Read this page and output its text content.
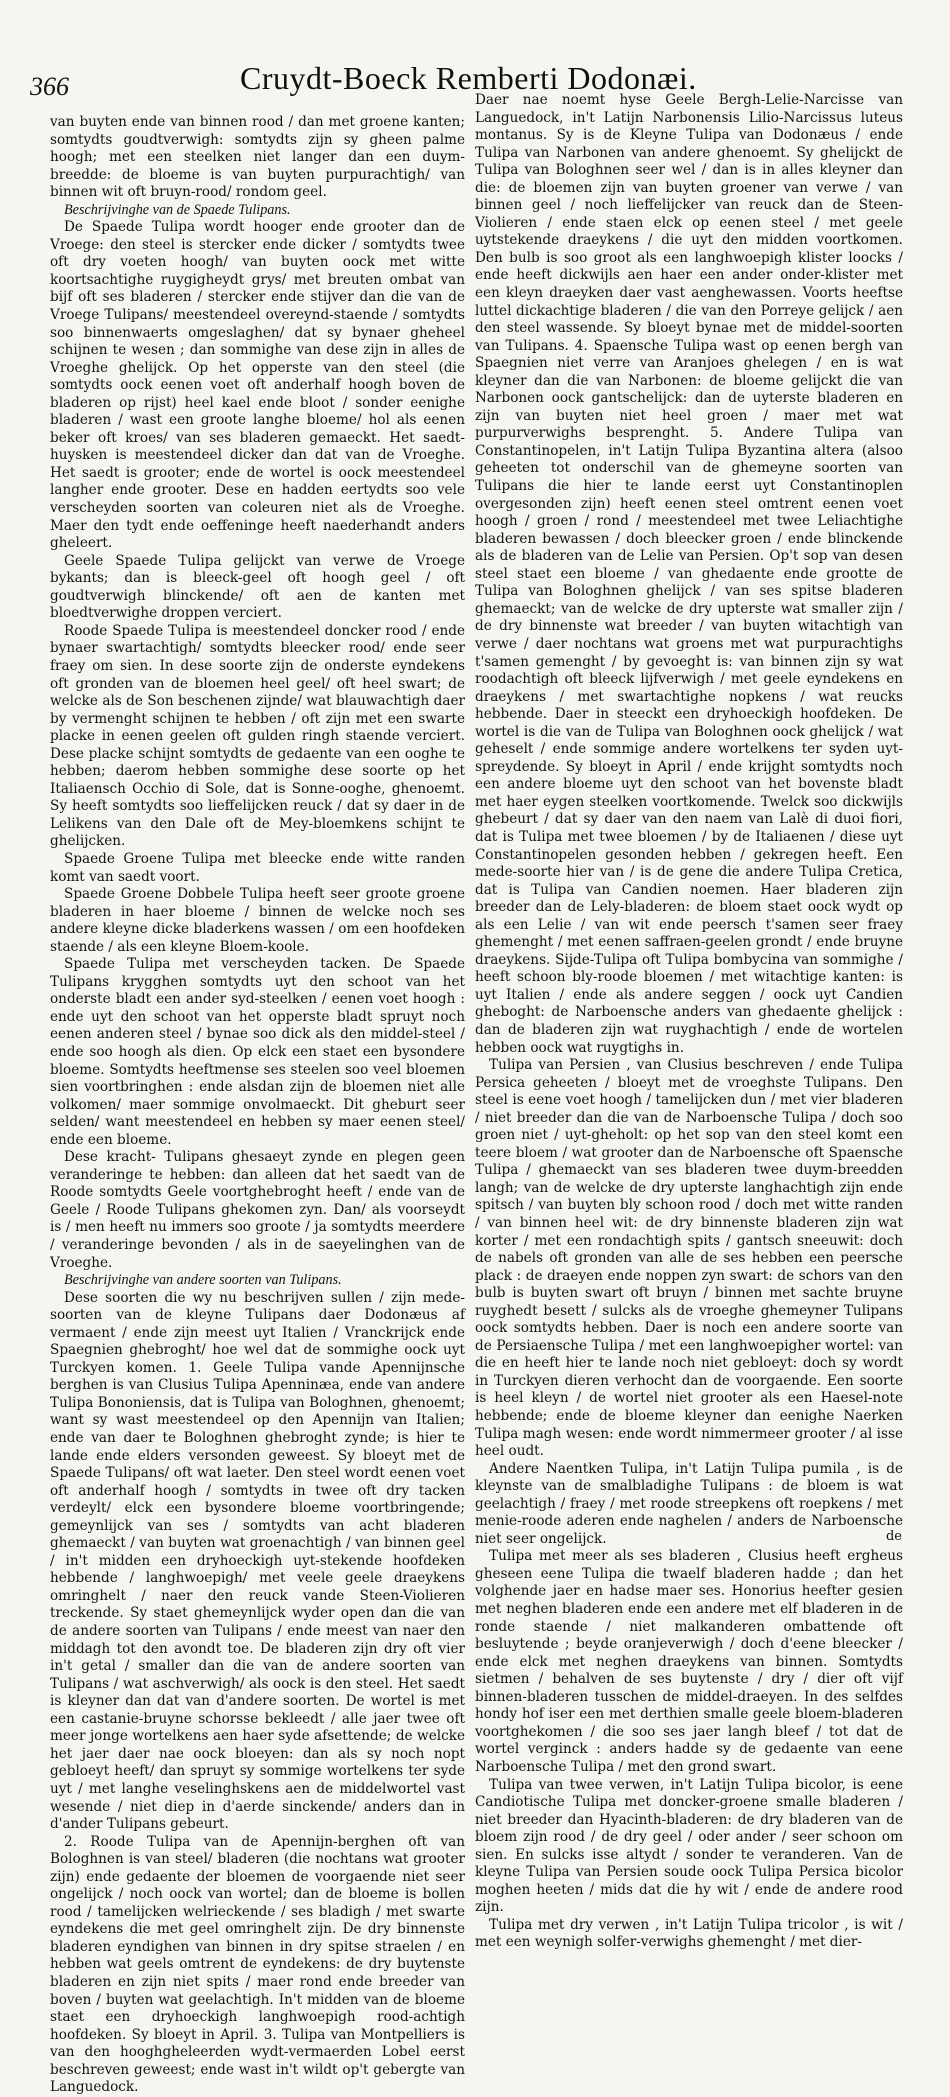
366	Cruydt-Boeck Remberti Dodonæi.

van buyten ende van binnen rood / dan met groene kanten; somtydts goudtverwigh: somtydts zijn sy gheen palme hoogh; met een steelken niet langer dan een duym-breedde: de bloeme is van buyten purpurachtigh/ van binnen wit oft bruyn-rood/ rondom geel.

Beschrijvinghe van de Spaede Tulipans.

De Spaede Tulipa wordt hooger ende grooter dan de Vroege: den steel is stercker ende dicker / somtydts twee oft dry voeten hoogh/ van buyten oock met witte koortsachtighe ruygigheydt grys/ met breuten ombat van bijf oft ses bladeren / stercker ende stijver dan die van de Vroege Tulipans/ meestendeel overeynd-staende / somtydts soo binnenwaerts omgeslaghen/ dat sy bynaer gheheel schijnen te wesen ; dan sommighe van dese zijn in alles de Vroeghe ghelijck. Op het opperste van den steel (die somtydts oock eenen voet oft anderhalf hoogh boven de bladeren op rijst) heel kael ende bloot / sonder eenighe bladeren / wast een groote langhe bloeme/ hol als eenen beker oft kroes/ van ses bladeren gemaeckt. Het saedt-huysken is meestendeel dicker dan dat van de Vroeghe. Het saedt is grooter; ende de wortel is oock meestendeel langher ende grooter. Dese en hadden eertydts soo vele verscheyden soorten van coleuren niet als de Vroeghe. Maer den tydt ende oeffeninge heeft naederhandt anders gheleert.

Geele Spaede Tulipa gelijckt van verwe de Vroege bykants; dan is bleeck-geel oft hoogh geel / oft goudtverwigh blinckende/ oft aen de kanten met bloedtverwighe droppen verciert.

Roode Spaede Tulipa is meestendeel doncker rood / ende bynaer swartachtigh/ somtydts bleecker rood/ ende seer fraey om sien. In dese soorte zijn de onderste eyndekens oft gronden van de bloemen heel geel/ oft heel swart; de welcke als de Son beschenen zijnde/ wat blauwachtigh daer by vermenght schijnen te hebben / oft zijn met een swarte placke in eenen geelen oft gulden ringh staende verciert. Dese placke schijnt somtydts de gedaente van een ooghe te hebben; daerom hebben sommighe dese soorte op het Italiaensch Occhio di Sole, dat is Sonne-ooghe, ghenoemt. Sy heeft somtydts soo lieffelijcken reuck / dat sy daer in de Lelikens van den Dale oft de Mey-bloemkens schijnt te ghelijcken.

Spaede Groene Tulipa met bleecke ende witte randen komt van saedt voort.

Spaede Groene Dobbele Tulipa heeft seer groote groene bladeren in haer bloeme / binnen de welcke noch ses andere kleyne dicke bladerkens wassen / om een hoofdeken staende / als een kleyne Bloem-koole.

Spaede Tulipa met verscheyden tacken. De Spaede Tulipans krygghen somtydts uyt den schoot van het onderste bladt een ander syd-steelken / eenen voet hoogh : ende uyt den schoot van het opperste bladt spruyt noch eenen anderen steel / bynae soo dick als den middel-steel / ende soo hoogh als dien. Op elck een staet een bysondere bloeme. Somtydts heeftmense ses steelen soo veel bloemen sien voortbringhen : ende alsdan zijn de bloemen niet alle volkomen/ maer sommige onvolmaeckt. Dit gheburt seer selden/ want meestendeel en hebben sy maer eenen steel/ ende een bloeme.

Dese kracht- Tulipans ghesaeyt zynde en plegen geen veranderinge te hebben: dan alleen dat het saedt van de Roode somtydts Geele voortghebroght heeft / ende van de Geele / Roode Tulipans ghekomen zyn. Dan/ als voorseydt is / men heeft nu immers soo groote / ja somtydts meerdere / veranderinge bevonden / als in de saeyelinghen van de Vroeghe.

Beschrijvinghe van andere soorten van Tulipans.

Dese soorten die wy nu beschrijven sullen / zijn mede-soorten van de kleyne Tulipans daer Dodonæus af vermaent / ende zijn meest uyt Italien / Vranckrijck ende Spaegnien ghebroght/ hoe wel dat de sommighe oock uyt Turckyen komen. 1. Geele Tulipa vande Apennijnsche berghen is van Clusius Tulipa Apenninæa, ende van andere Tulipa Bononiensis, dat is Tulipa van Bologhnen, ghenoemt; want sy wast meestendeel op den Apennijn van Italien; ende van daer te Bologhnen ghebroght zynde; is hier te lande ende elders versonden geweest. Sy bloeyt met de Spaede Tulipans/ oft wat laeter. Den steel wordt eenen voet oft anderhalf hoogh / somtydts in twee oft dry tacken verdeylt/ elck een bysondere bloeme voortbringende; gemeynlijck van ses / somtydts van acht bladeren ghemaeckt / van buyten wat groenachtigh / van binnen geel / in't midden een dryhoeckigh uyt-stekende hoofdeken hebbende / langhwoepigh/ met veele geele draeykens omringhelt / naer den reuck vande Steen-Violieren treckende. Sy staet ghemeynlijck wyder open dan die van de andere soorten van Tulipans / ende meest van naer den middagh tot den avondt toe. De bladeren zijn dry oft vier in't getal / smaller dan die van de andere soorten van Tulipans / wat aschverwigh/ als oock is den steel. Het saedt is kleyner dan dat van d'andere soorten. De wortel is met een castanie-bruyne schorsse bekleedt / alle jaer twee oft meer jonge wortelkens aen haer syde afsettende; de welcke het jaer daer nae oock bloeyen: dan als sy noch nopt gebloeyt heeft/ dan spruyt sy sommige wortelkens ter syde uyt / met langhe veselinghskens aen de middelwortel vast wesende / niet diep in d'aerde sinckende/ anders dan in d'ander Tulipans gebeurt.

2. Roode Tulipa van de Apennijn-berghen oft van Bologhnen is van steel/ bladeren (die nochtans wat grooter zijn) ende gedaente der bloemen de voorgaende niet seer ongelijck / noch oock van wortel; dan de bloeme is bollen rood / tamelijcken welrieckende / ses bladigh / met swarte eyndekens die met geel omringhelt zijn. De dry binnenste bladeren eyndighen van binnen in dry spitse straelen / en hebben wat geels omtrent de eyndekens: de dry buytenste bladeren en zijn niet spits / maer rond ende breeder van boven / buyten wat geelachtigh. In't midden van de bloeme staet een dryhoeckigh langhwoepigh rood-achtigh hoofdeken. Sy bloeyt in April. 3. Tulipa van Montpelliers is van den hooghgheleerden wydt-vermaerden Lobel eerst beschreven geweest; ende wast in't wildt op't gebergte van Languedock.

Daer nae noemt hyse Geele Bergh-Lelie-Narcisse van Languedock, in't Latijn Narbonensis Lilio-Narcissus luteus montanus. Sy is de Kleyne Tulipa van Dodonæus / ende Tulipa van Narbonen van andere ghenoemt. Sy ghelijckt de Tulipa van Bologhnen seer wel / dan is in alles kleyner dan die: de bloemen zijn van buyten groener van verwe / van binnen geel / noch lieffelijcker van reuck dan de Steen-Violieren / ende staen elck op eenen steel / met geele uytstekende draeykens / die uyt den midden voortkomen. Den bulb is soo groot als een langhwoepigh klister loocks / ende heeft dickwijls aen haer een ander onder-klister met een kleyn draeyken daer vast aenghewassen. Voorts heeftse luttel dickachtige bladeren / die van den Porreye gelijck / aen den steel wassende. Sy bloeyt bynae met de middel-soorten van Tulipans. 4. Spaensche Tulipa wast op eenen bergh van Spaegnien niet verre van Aranjoes ghelegen / en is wat kleyner dan die van Narbonen: de bloeme gelijckt die van Narbonen oock gantschelijck: dan de uyterste bladeren en zijn van buyten niet heel groen / maer met wat purpurverwighs besprenght. 5. Andere Tulipa van Constantinopelen, in't Latijn Tulipa Byzantina altera (alsoo geheeten tot onderschil van de ghemeyne soorten van Tulipans die hier te lande eerst uyt Constantinoplen overgesonden zijn) heeft eenen steel omtrent eenen voet hoogh / groen / rond / meestendeel met twee Leliachtighe bladeren bewassen / doch bleecker groen / ende blinckende als de bladeren van de Lelie van Persien. Op't sop van desen steel staet een bloeme / van ghedaente ende grootte de Tulipa van Bologhnen ghelijck / van ses spitse bladeren ghemaeckt; van de welcke de dry upterste wat smaller zijn / de dry binnenste wat breeder / van buyten witachtigh van verwe / daer nochtans wat groens met wat purpurachtighs t'samen gemenght / by gevoeght is: van binnen zijn sy wat roodachtigh oft bleeck lijfverwigh / met geele eyndekens en draeykens / met swartachtighe nopkens / wat reucks hebbende. Daer in steeckt een dryhoeckigh hoofdeken. De wortel is die van de Tulipa van Bologhnen oock ghelijck / wat geheselt / ende sommige andere wortelkens ter syden uyt-spreydende. Sy bloeyt in April / ende krijght somtydts noch een andere bloeme uyt den schoot van het bovenste bladt met haer eygen steelken voortkomende. Twelck soo dickwijls ghebeurt / dat sy daer van den naem van Lalè di duoi fiori, dat is Tulipa met twee bloemen / by de Italiaenen / diese uyt Constantinopelen gesonden hebben / gekregen heeft. Een mede-soorte hier van / is de gene die andere Tulipa Cretica, dat is Tulipa van Candien noemen. Haer bladeren zijn breeder dan de Lely-bladeren: de bloem staet oock wydt op als een Lelie / van wit ende peersch t'samen seer fraey ghemenght / met eenen saffraen-geelen grondt / ende bruyne draeykens. Sijde-Tulipa oft Tulipa bombycina van sommighe / heeft schoon bly-roode bloemen / met witachtige kanten: is uyt Italien / ende als andere seggen / oock uyt Candien gheboght: de Narboensche anders van ghedaente ghelijck : dan de bladeren zijn wat ruyghachtigh / ende de wortelen hebben oock wat ruygtighs in.

Tulipa van Persien , van Clusius beschreven / ende Tulipa Persica geheeten / bloeyt met de vroeghste Tulipans. Den steel is eene voet hoogh / tamelijcken dun / met vier bladeren / niet breeder dan die van de Narboensche Tulipa / doch soo groen niet / uyt-gheholt: op het sop van den steel komt een teere bloem / wat grooter dan de Narboensche oft Spaensche Tulipa / ghemaeckt van ses bladeren twee duym-breedden langh; van de welcke de dry upterste langhachtigh zijn ende spitsch / van buyten bly schoon rood / doch met witte randen / van binnen heel wit: de dry binnenste bladeren zijn wat korter / met een rondachtigh spits / gantsch sneeuwit: doch de nabels oft gronden van alle de ses hebben een peersche plack : de draeyen ende noppen zyn swart: de schors van den bulb is buyten swart oft bruyn / binnen met sachte bruyne ruyghedt besett / sulcks als de vroeghe ghemeyner Tulipans oock somtydts hebben. Daer is noch een andere soorte van de Persiaensche Tulipa / met een langhwoepigher wortel: van die en heeft hier te lande noch niet gebloeyt: doch sy wordt in Turckyen dieren verhocht dan de voorgaende. Een soorte is heel kleyn / de wortel niet grooter als een Haesel-note hebbende; ende de bloeme kleyner dan eenighe Naerken Tulipa magh wesen: ende wordt nimmermeer grooter / al isse heel oudt.

Andere Naentken Tulipa, in't Latijn Tulipa pumila , is de kleynste van de smalbladighe Tulipans : de bloem is wat geelachtigh / fraey / met roode streepkens oft roepkens / met menie-roode aderen ende naghelen / anders de Narboensche niet seer ongelijck.

Tulipa met meer als ses bladeren , Clusius heeft ergheus gheseen eene Tulipa die twaelf bladeren hadde ; dan het volghende jaer en hadse maer ses. Honorius heefter gesien met neghen bladeren ende een andere met elf bladeren in de ronde staende / niet malkanderen ombattende oft besluytende ; beyde oranjeverwigh / doch d'eene bleecker / ende elck met neghen draeykens van binnen. Somtydts sietmen / behalven de ses buytenste / dry / dier oft vijf binnen-bladeren tusschen de middel-draeyen. In des selfdes hondy hof iser een met derthien smalle geele bloem-bladeren voortghekomen / die soo ses jaer langh bleef / tot dat de wortel verginck : anders hadde sy de gedaente van eene Narboensche Tulipa / met den grond swart.

Tulipa van twee verwen, in't Latijn Tulipa bicolor, is eene Candiotische Tulipa met doncker-groene smalle bladeren / niet breeder dan Hyacinth-bladeren: de dry bladeren van de bloem zijn rood / de dry geel / oder ander / seer schoon om sien. En sulcks isse altydt / sonder te veranderen. Van de kleyne Tulipa van Persien soude oock Tulipa Persica bicolor moghen heeten / mids dat die hy wit / ende de andere rood zijn.

Tulipa met dry verwen , in't Latijn Tulipa tricolor , is wit / met een weynigh solfer-verwighs ghemenght / met dier-

de
